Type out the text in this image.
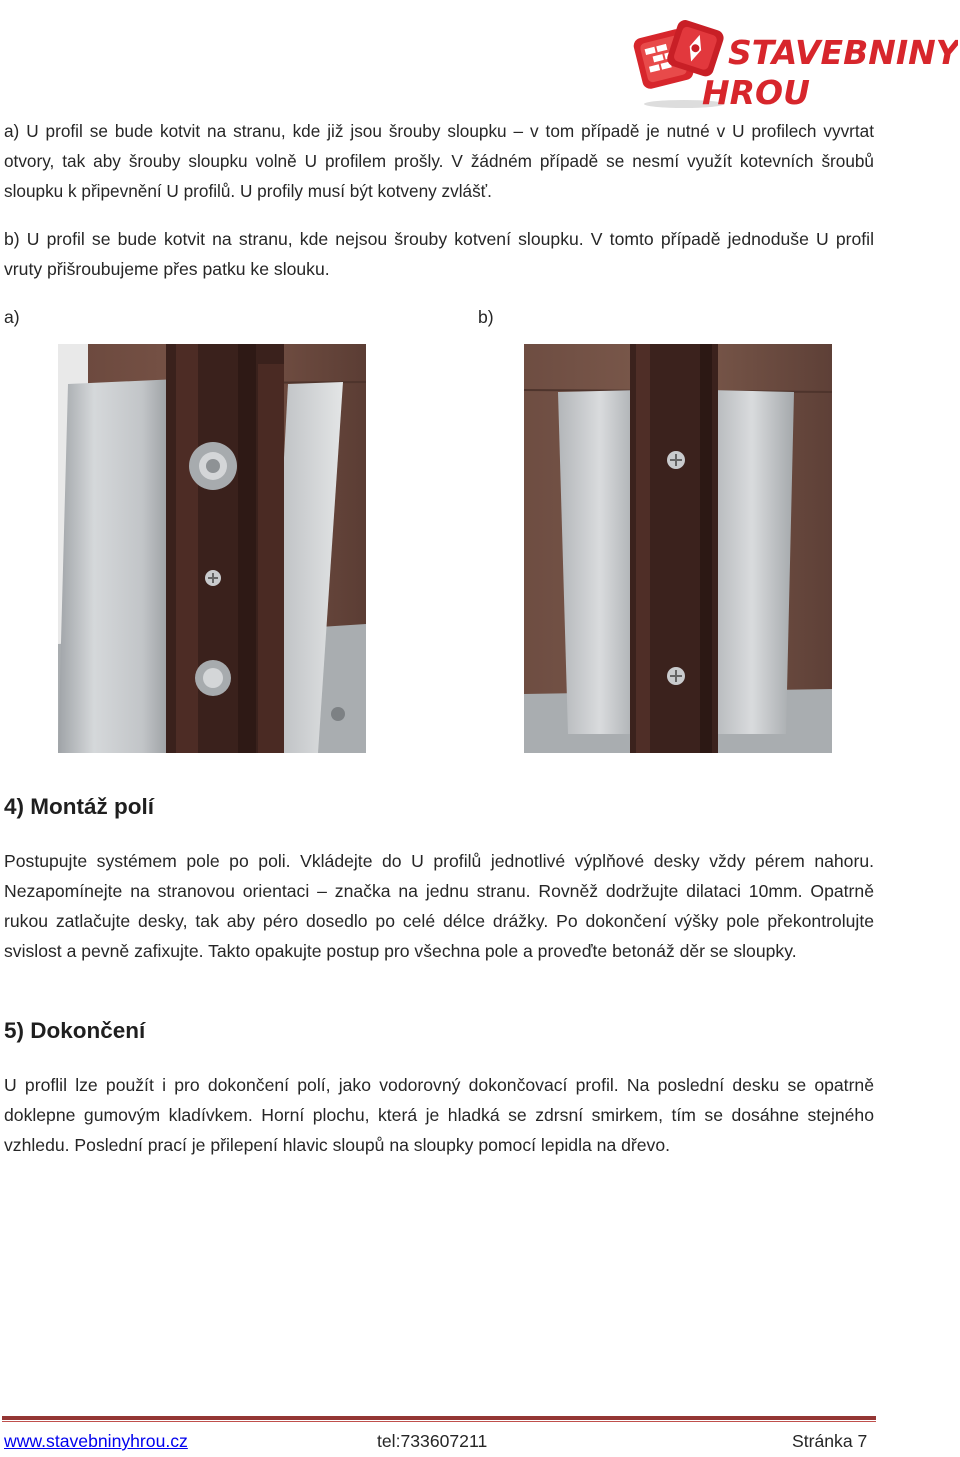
STAVEBNINY
HROU

a) U profil se bude kotvit na stranu, kde již jsou šrouby sloupku – v tom případě je nutné v U profilech vyvrtat otvory, tak aby šrouby sloupku volně U profilem prošly. V žádném případě se nesmí využít kotevních šroubů sloupku k připevnění U profilů. U profily musí být kotveny zvlášť.

b) U profil se bude kotvit na stranu, kde nejsou šrouby kotvení sloupku. V tomto případě jednoduše U profil vruty přišroubujeme přes patku ke slouku.

a)	b)
4) Montáž polí

Postupujte systémem pole po poli. Vkládejte do U profilů jednotlivé výplňové desky vždy pérem nahoru. Nezapomínejte na stranovou orientaci – značka na jednu stranu. Rovněž dodržujte dilataci 10mm. Opatrně rukou zatlačujte desky, tak aby péro dosedlo po celé délce drážky. Po dokončení výšky pole překontrolujte svislost a pevně zafixujte. Takto opakujte postup pro všechna pole a proveďte betonáž děr se sloupky.

5) Dokončení

U proflil lze použít i pro dokončení polí, jako vodorovný dokončovací profil. Na poslední desku se opatrně doklepne gumovým kladívkem. Horní plochu, která je hladká se zdrsní smirkem, tím se dosáhne stejného vzhledu. Poslední prací je přilepení hlavic sloupů na sloupky pomocí lepidla na dřevo.

www.stavebninyhrou.cz	tel:733607211	Stránka 7
